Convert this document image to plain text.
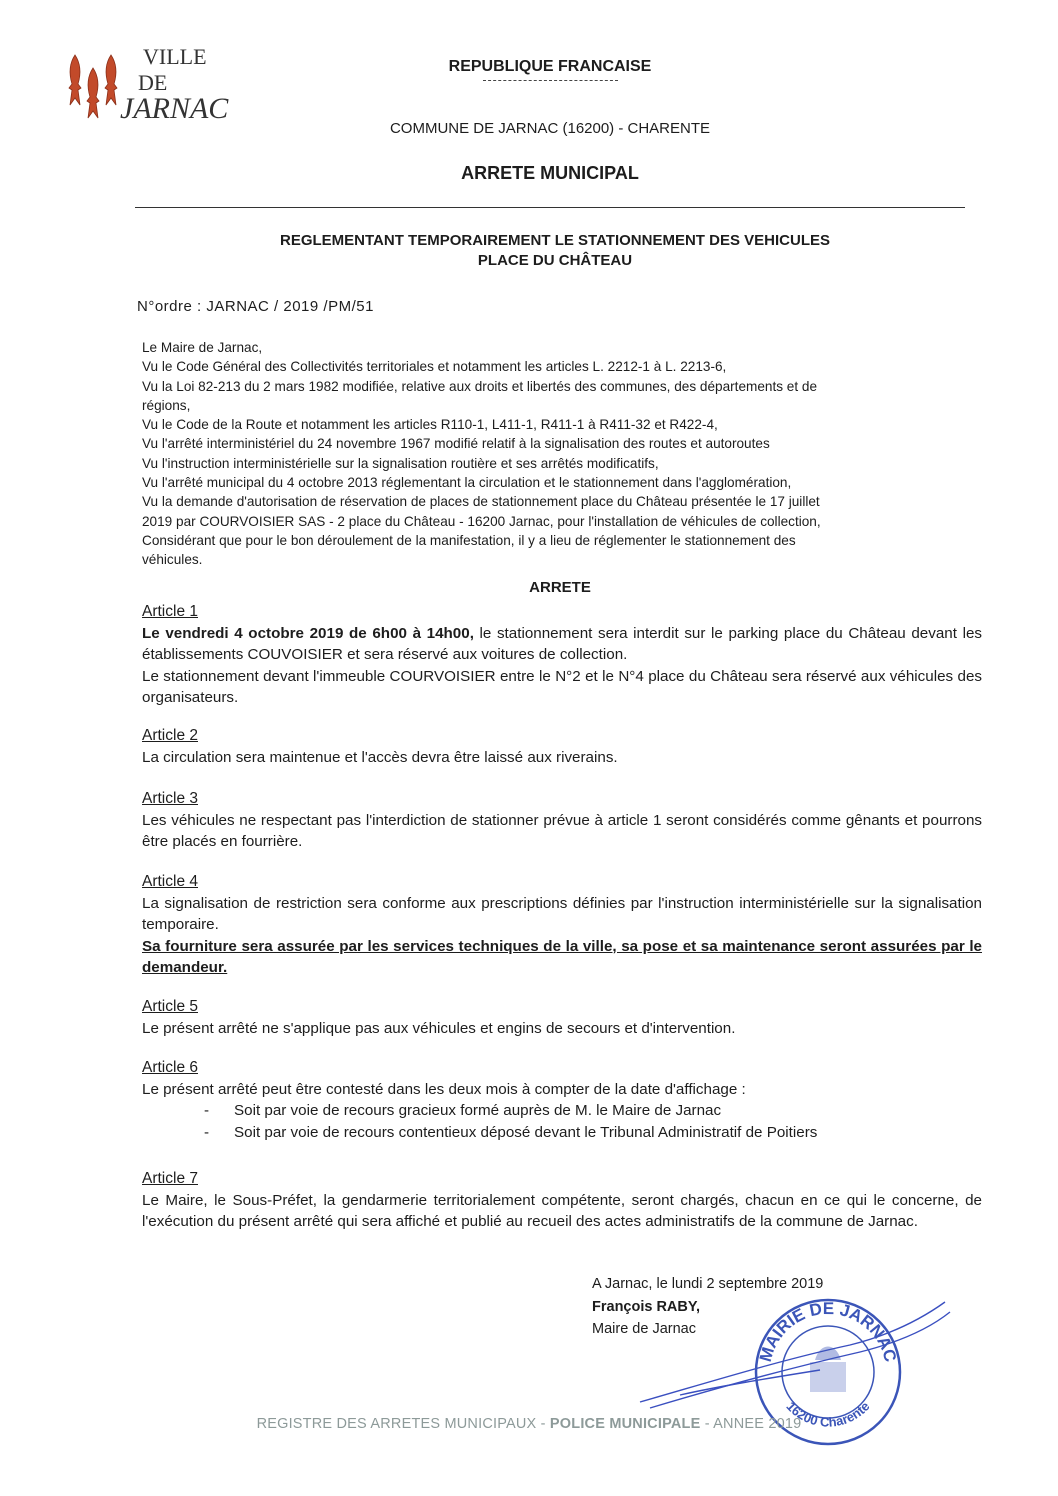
VILLE
DE
JARNAC
REPUBLIQUE FRANCAISE
COMMUNE DE JARNAC (16200) - CHARENTE
ARRETE MUNICIPAL
REGLEMENTANT TEMPORAIREMENT LE STATIONNEMENT DES VEHICULES
PLACE DU CHÂTEAU
N°ordre : JARNAC / 2019 /PM/51
Le Maire de Jarnac,
Vu le Code Général des Collectivités territoriales et notamment les articles L. 2212-1 à L. 2213-6,
Vu la Loi 82-213 du 2 mars 1982 modifiée, relative aux droits et libertés des communes, des départements et de
régions,
Vu le Code de la Route et notamment les articles R110-1, L411-1, R411-1 à R411-32 et R422-4,
Vu l'arrêté interministériel du 24 novembre 1967 modifié relatif à la signalisation des routes et autoroutes
Vu l'instruction interministérielle sur la signalisation routière et ses arrêtés modificatifs,
Vu l'arrêté municipal du 4 octobre 2013 réglementant la circulation et le stationnement dans l'agglomération,
Vu la demande d'autorisation de réservation de places de stationnement place du Château présentée le 17 juillet
2019 par COURVOISIER SAS - 2 place du Château - 16200 Jarnac, pour l'installation de véhicules de collection,
Considérant que pour le bon déroulement de la manifestation, il y a lieu de réglementer le stationnement des
véhicules.
ARRETE
Article 1

Le vendredi 4 octobre 2019 de 6h00 à 14h00, le stationnement sera interdit sur le parking place du Château devant les établissements COUVOISIER et sera réservé aux voitures de collection.

Le stationnement devant l'immeuble COURVOISIER entre le N°2 et le N°4 place du Château sera réservé aux véhicules des organisateurs.

Article 2

La circulation sera maintenue et l'accès devra être laissé aux riverains.

Article 3

Les véhicules ne respectant pas l'interdiction de stationner prévue à article 1 seront considérés comme gênants et pourrons être placés en fourrière.

Article 4

La signalisation de restriction sera conforme aux prescriptions définies par l'instruction interministérielle sur la signalisation temporaire.

Sa fourniture sera assurée par les services techniques de la ville, sa pose et sa maintenance seront assurées par le demandeur.

Article 5

Le présent arrêté ne s'applique pas aux véhicules et engins de secours et d'intervention.

Article 6

Le présent arrêté peut être contesté dans les deux mois à compter de la date d'affichage :

- Soit par voie de recours gracieux formé auprès de M. le Maire de Jarnac
- Soit par voie de recours contentieux déposé devant le Tribunal Administratif de Poitiers
Article 7

Le Maire, le Sous-Préfet, la gendarmerie territorialement compétente, seront chargés, chacun en ce qui le concerne, de l'exécution du présent arrêté qui sera affiché et publié au recueil des actes administratifs de la commune de Jarnac.

A Jarnac, le lundi 2 septembre 2019
François RABY,
Maire de Jarnac
MAIRIE DE JARNAC
16200 Charente
REGISTRE DES ARRETES MUNICIPAUX - POLICE MUNICIPALE - ANNEE 2019
